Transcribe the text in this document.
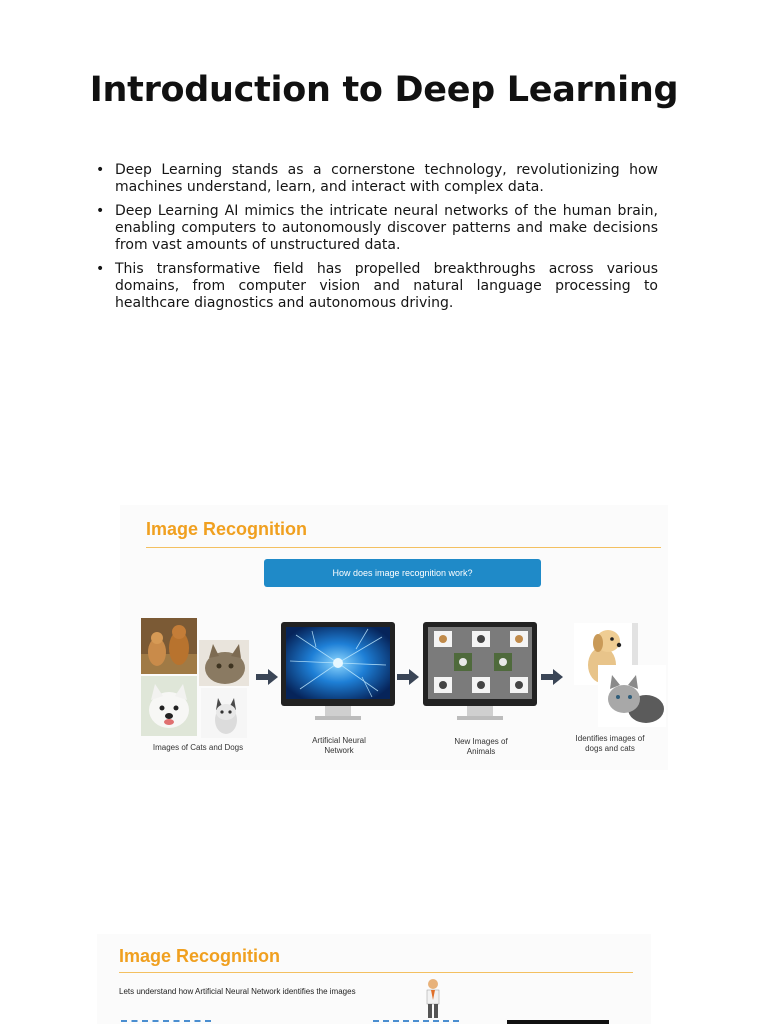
Introduction to Deep Learning
• Deep Learning stands as a cornerstone technology, revolutionizing how machines understand, learn, and interact with complex data.
• Deep Learning AI mimics the intricate neural networks of the human brain, enabling computers to autonomously discover patterns and make decisions from vast amounts of unstructured data.
• This transformative field has propelled breakthroughs across various domains, from computer vision and natural language processing to healthcare diagnostics and autonomous driving.
Image Recognition
How does image recognition work?
Images of Cats and Dogs
Artificial Neural Network
New Images of Animals
Identifies images of dogs and cats
Image Recognition
Lets understand how Artificial Neural Network identifies the images
